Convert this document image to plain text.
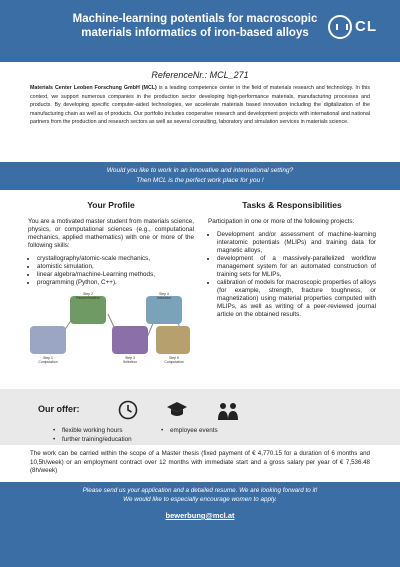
Machine-learning potentials for macroscopic
materials informatics of iron-based alloys	CL
ReferenceNr.: MCL_271
Materials Center Leoben Forschung GmbH (MCL) is a leading competence center in the field of materials research and technology. In this context, we support numerous companies in the production sector developing high-performance materials, manufacturing processes and products. By developing specific computer-aided technologies, we accelerate materials based innovation including the digitalization of the manufacturing chain as well as of products. Our portfolio includes cooperative research and development projects with international and national partners from the production and research sectors as well as several consulting, laboratory and simulation services in materials science.
Would you like to work in an innovative and international setting?
Then MCL is the perfect work place for you !
Your Profile
You are a motivated master student from materials science, physics, or computational sciences (e.g., computational mechanics, applied mathematics) with one or more of the following skills:
• crystallography/atomic-scale mechanics,
• atomistic simulation,
• linear algebra/machine-Learning methods,
• programming (Python, C++).
Step 1
Computation
Step 2
Parametrization
Step 3
Selection
Step 4
Validation
Step 5
Computation
Tasks & Responsibilities
Participation in one or more of the following projects:
• Development and/or assessment of machine-learning interatomic potentials (MLIPs) and training data for magnetic alloys,
• development of a massively-parallelized workflow management system for an automated construction of training sets for MLIPs,
• calibration of models for macroscopic properties of alloys (for example, strength, fracture toughness, or magnetization) using material properties computed with MLIPs, as well as writing of a peer-reviewed journal article on the obtained results.
Our offer:
• flexible working hours
•	employee events
• further training/education
The work can be carried within the scope of a Master thesis (fixed payment of € 4,770.15 for a duration of 6 months and 10,5h/week) or an employment contract over 12 months with immediate start and a gross salary per year of € 7,536.48 (8h/week)
Please send us your application and a detailed resume. We are looking forward to it!
We would like to especially encourage women to apply.
bewerbung@mcl.at
